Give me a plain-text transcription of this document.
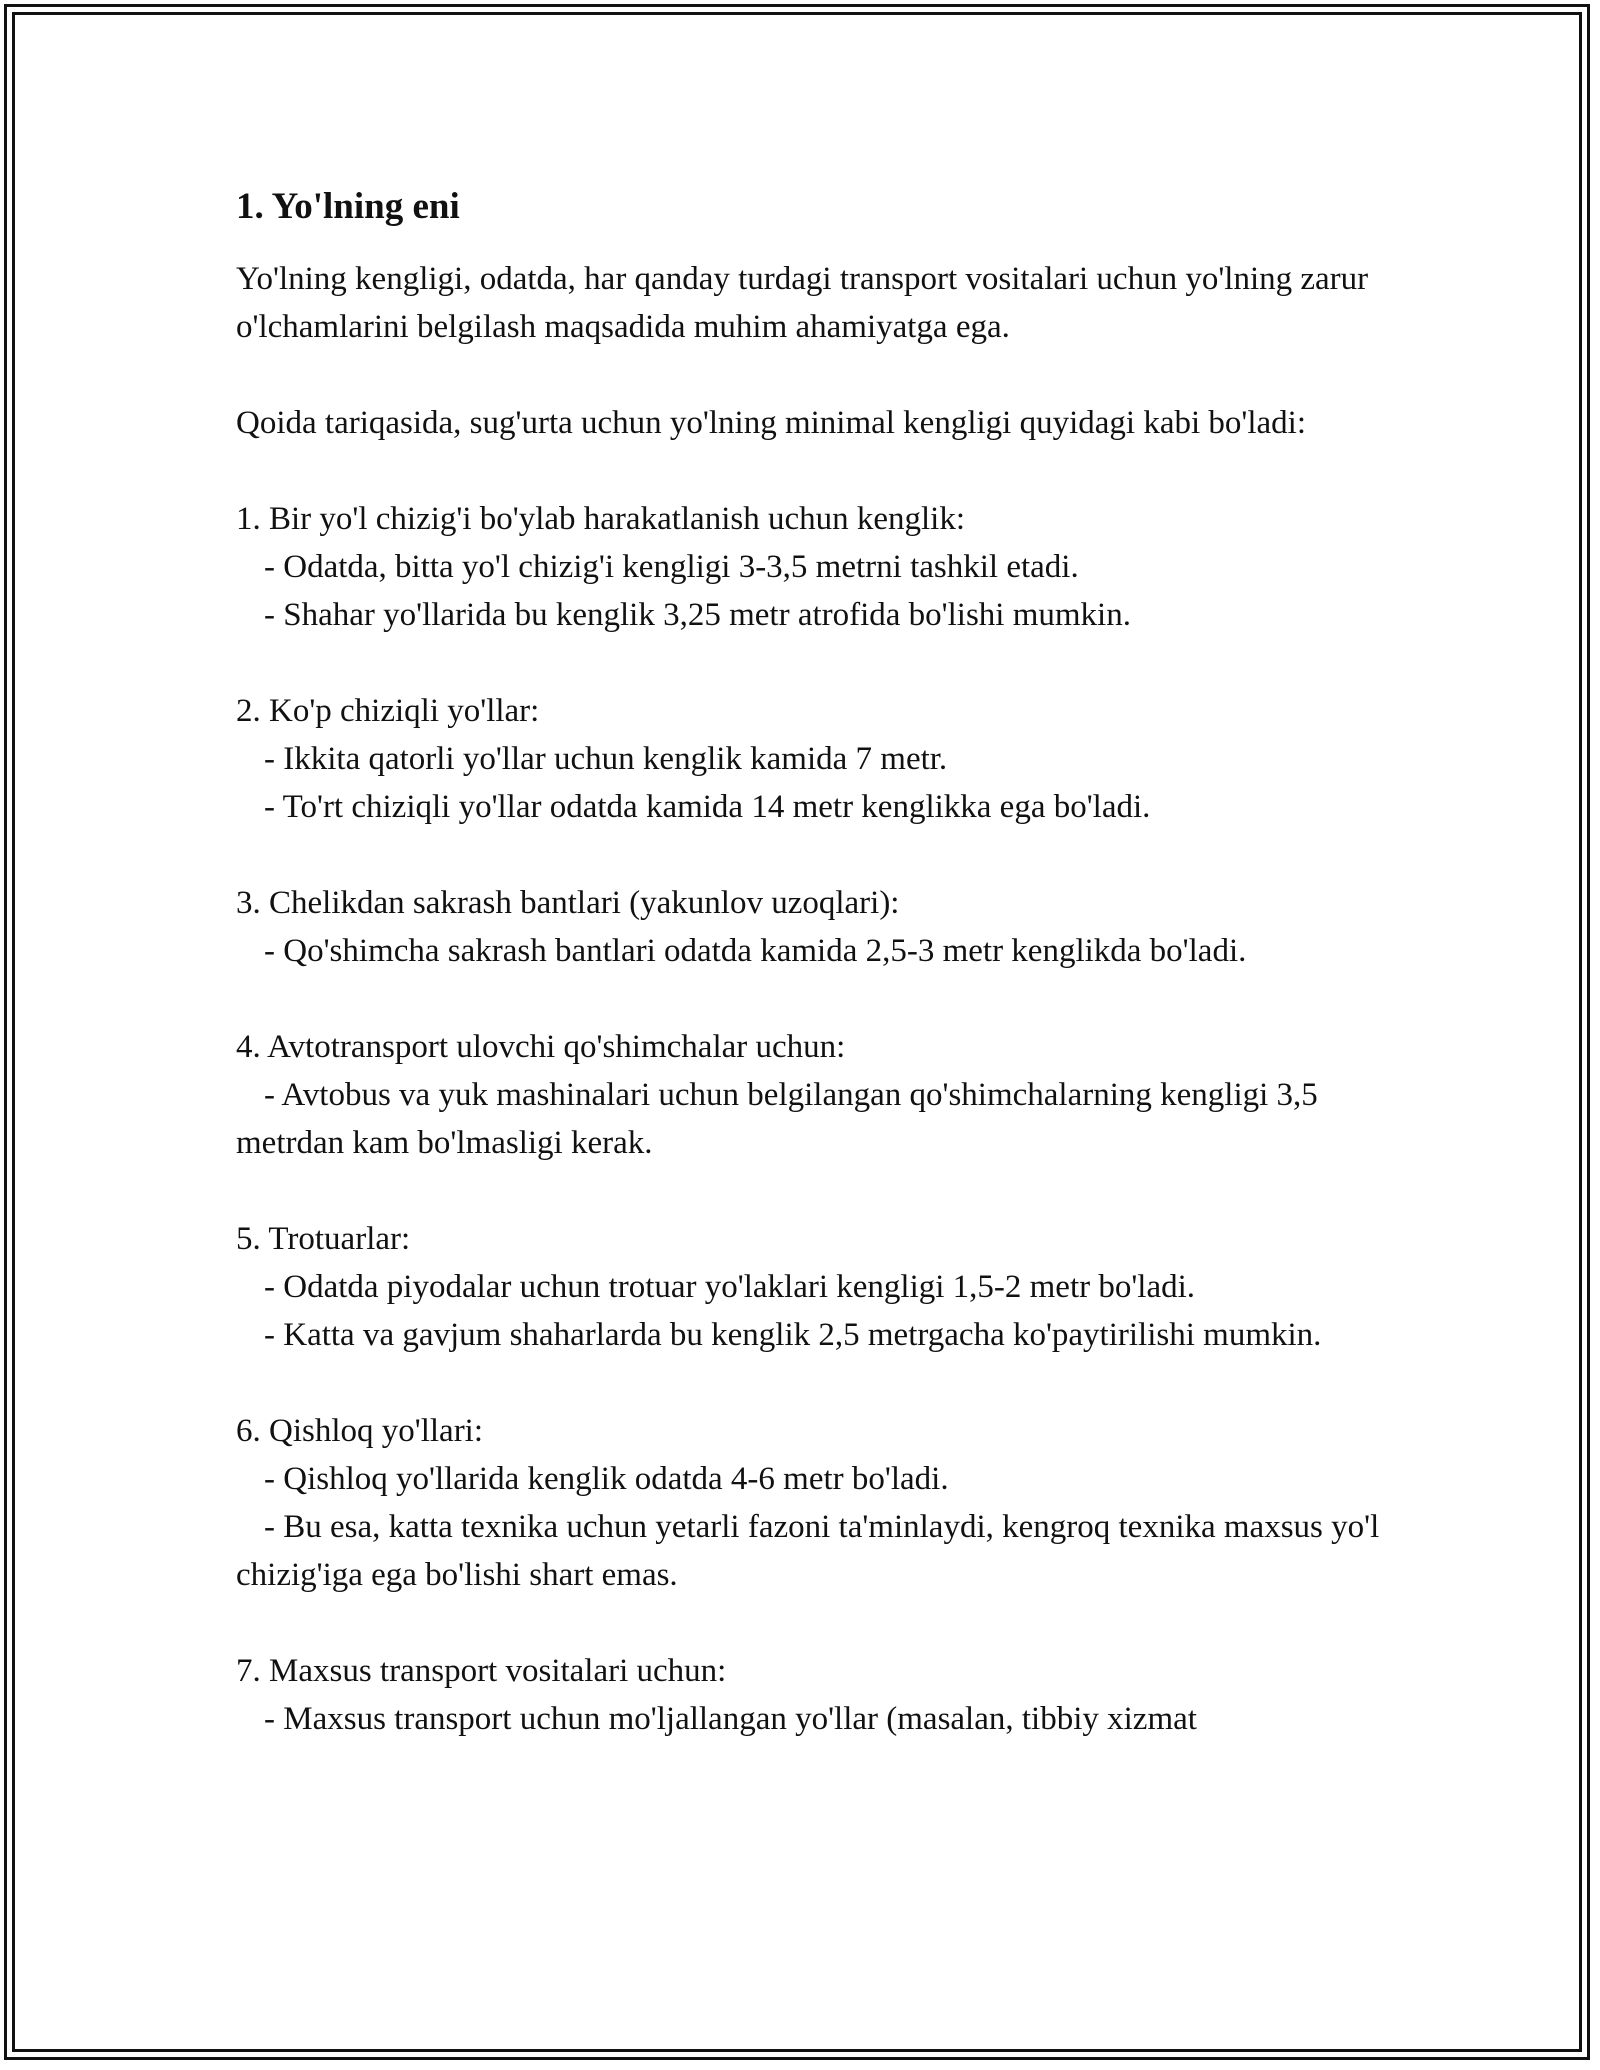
1. Yo'lning eni

Yo'lning kengligi, odatda, har qanday turdagi transport vositalari uchun yo'lning zarur o'lchamlarini belgilash maqsadida muhim ahamiyatga ega.

Qoida tariqasida, sug'urta uchun yo'lning minimal kengligi quyidagi kabi bo'ladi:

1. Bir yo'l chizig'i bo'ylab harakatlanish uchun kenglik:

- Odatda, bitta yo'l chizig'i kengligi 3-3,5 metrni tashkil etadi.

- Shahar yo'llarida bu kenglik 3,25 metr atrofida bo'lishi mumkin.

2. Ko'p chiziqli yo'llar:

- Ikkita qatorli yo'llar uchun kenglik kamida 7 metr.

- To'rt chiziqli yo'llar odatda kamida 14 metr kenglikka ega bo'ladi.

3. Chelikdan sakrash bantlari (yakunlov uzoqlari):

- Qo'shimcha sakrash bantlari odatda kamida 2,5-3 metr kenglikda bo'ladi.

4. Avtotransport ulovchi qo'shimchalar uchun:

- Avtobus va yuk mashinalari uchun belgilangan qo'shimchalarning kengligi 3,5 metrdan kam bo'lmasligi kerak.

5. Trotuarlar:

- Odatda piyodalar uchun trotuar yo'laklari kengligi 1,5-2 metr bo'ladi.

- Katta va gavjum shaharlarda bu kenglik 2,5 metrgacha ko'paytirilishi mumkin.

6. Qishloq yo'llari:

- Qishloq yo'llarida kenglik odatda 4-6 metr bo'ladi.

- Bu esa, katta texnika uchun yetarli fazoni ta'minlaydi, kengroq texnika maxsus yo'l chizig'iga ega bo'lishi shart emas.

7. Maxsus transport vositalari uchun:

- Maxsus transport uchun mo'ljallangan yo'llar (masalan, tibbiy xizmat
